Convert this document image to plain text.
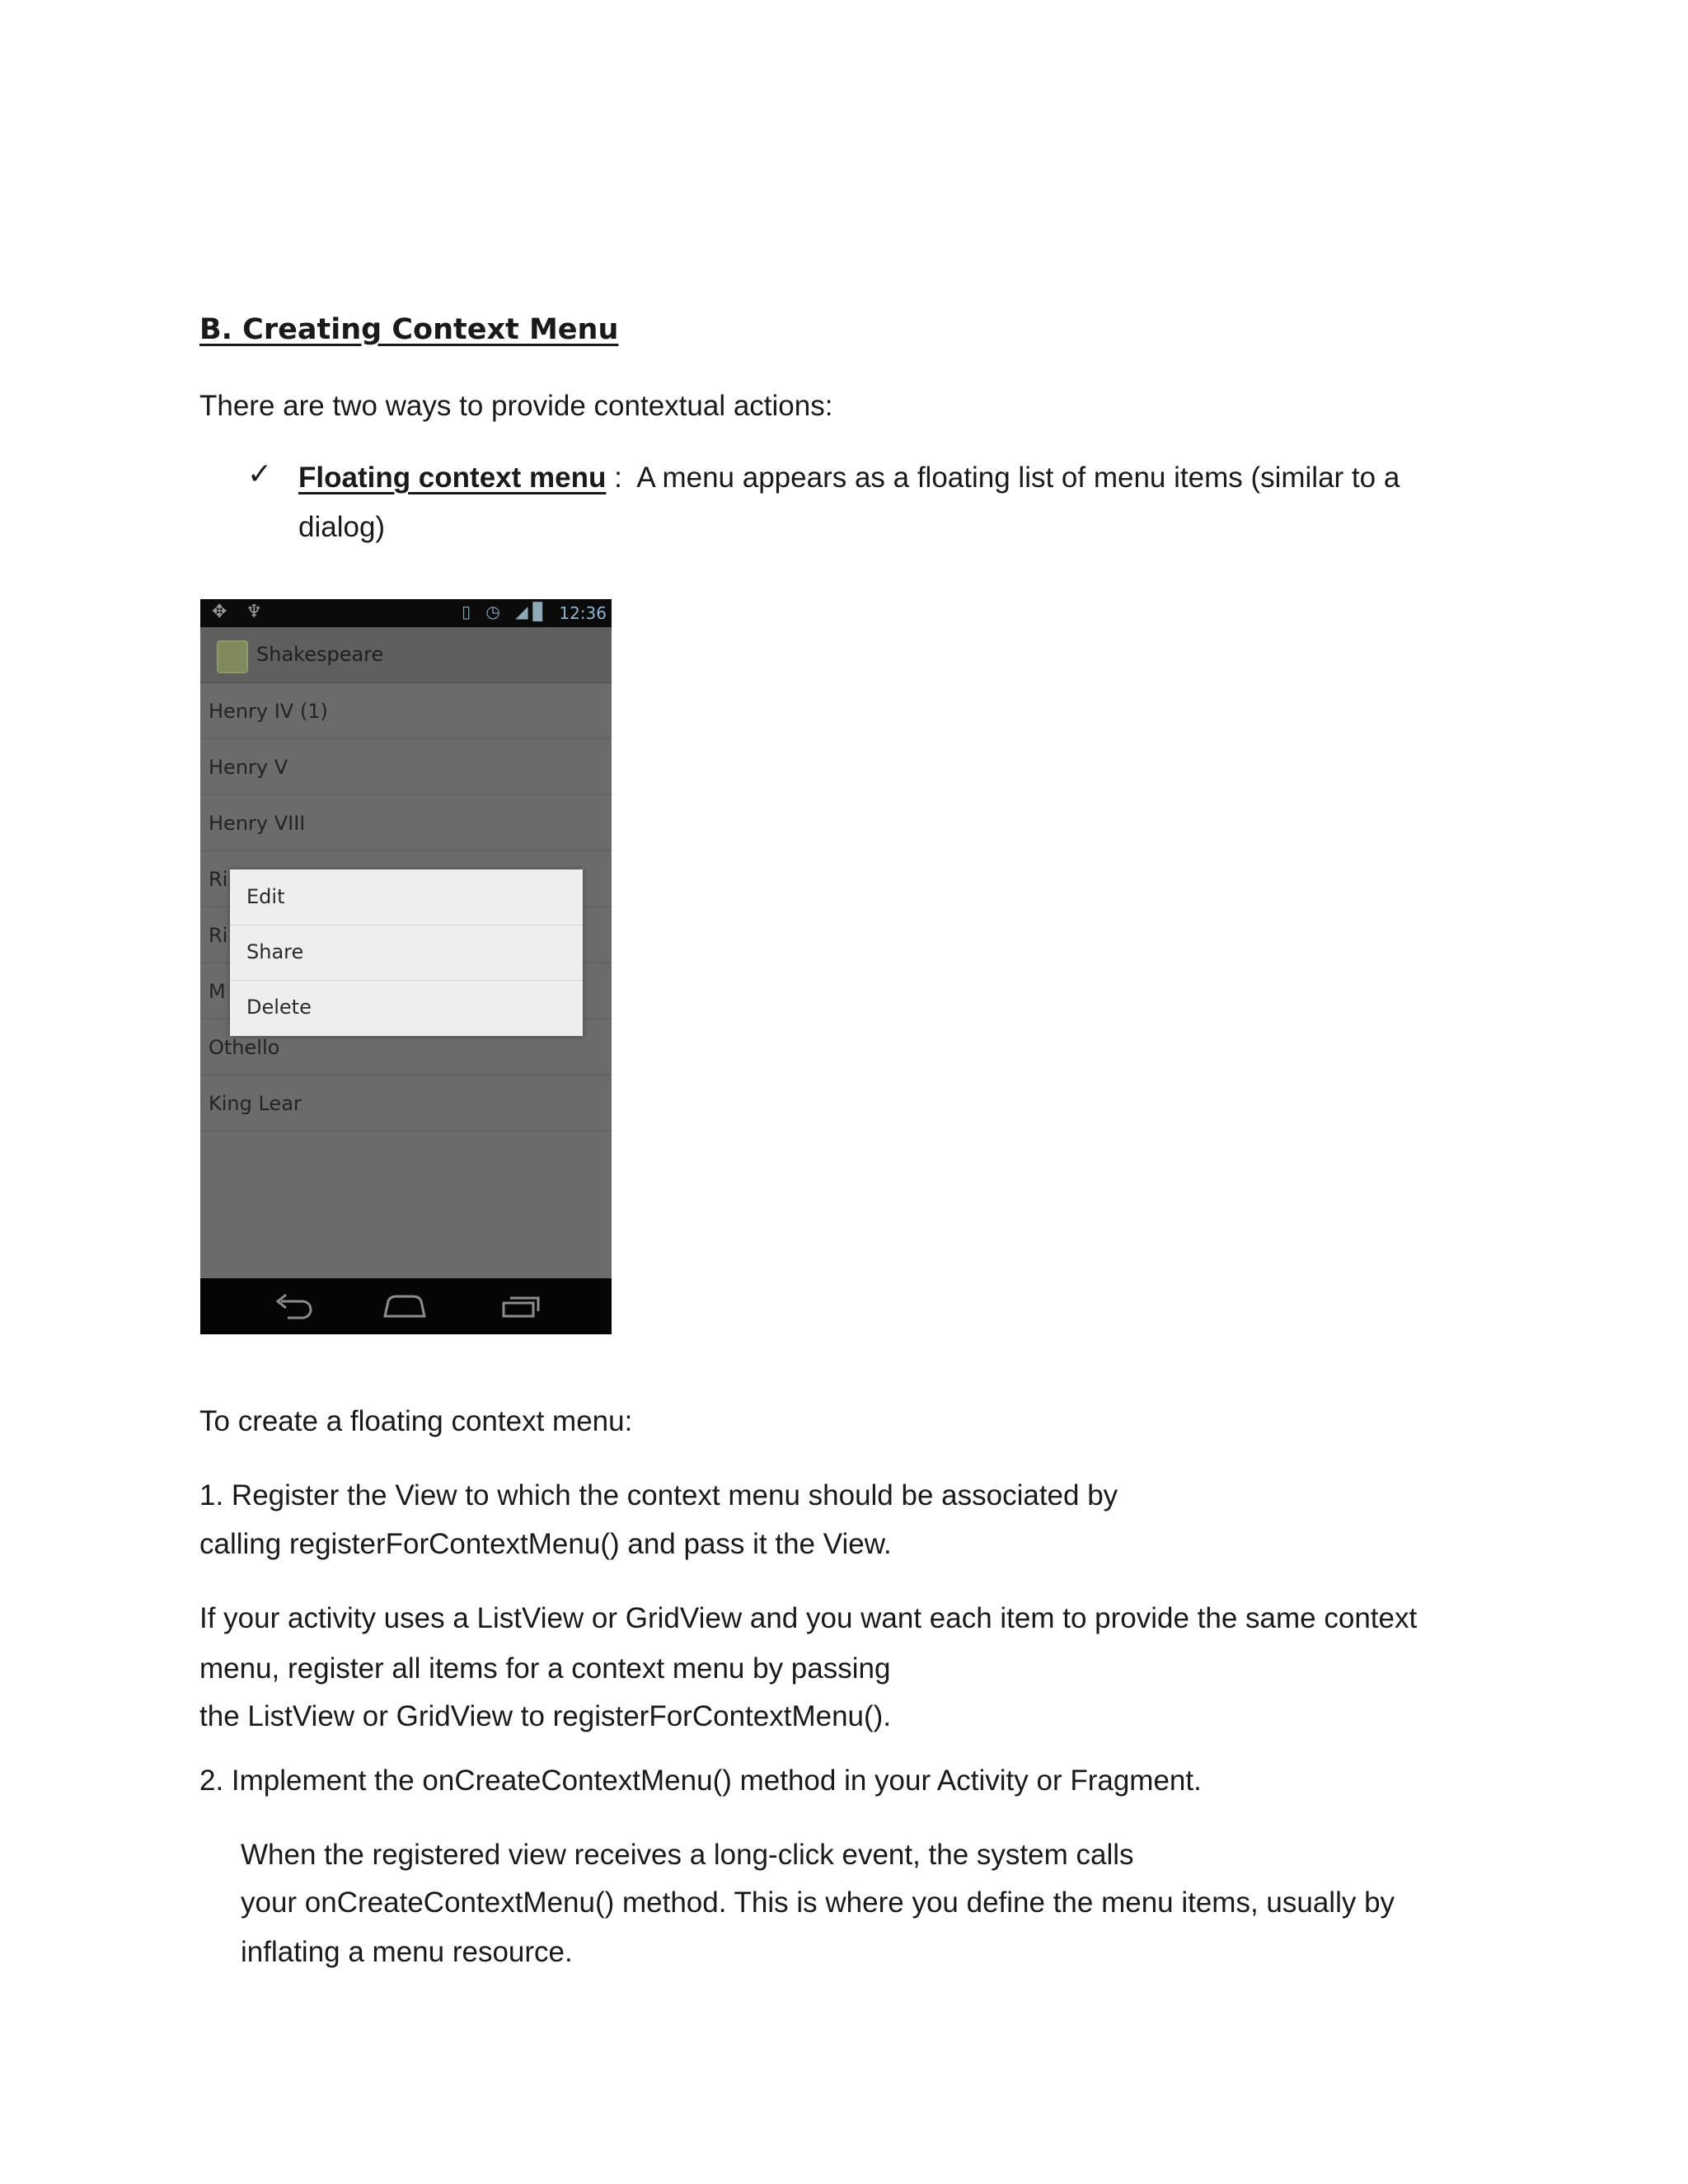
B. Creating Context Menu

There are two ways to provide contextual actions:

✓ Floating context menu :  A menu appears as a floating list of menu items (similar to a

dialog)

✥ ♆	▯ ◷ ◢▊ 12:36
Shakespeare
Henry IV (1)
Henry V
Henry VIII
Ri
Ri
M
Othello
King Lear
Edit
Share
Delete

To create a floating context menu:

1. Register the View to which the context menu should be associated by

calling registerForContextMenu() and pass it the View.

If your activity uses a ListView or GridView and you want each item to provide the same context

menu, register all items for a context menu by passing

the ListView or GridView to registerForContextMenu().

2. Implement the onCreateContextMenu() method in your Activity or Fragment.

When the registered view receives a long-click event, the system calls

your onCreateContextMenu() method. This is where you define the menu items, usually by

inflating a menu resource.
